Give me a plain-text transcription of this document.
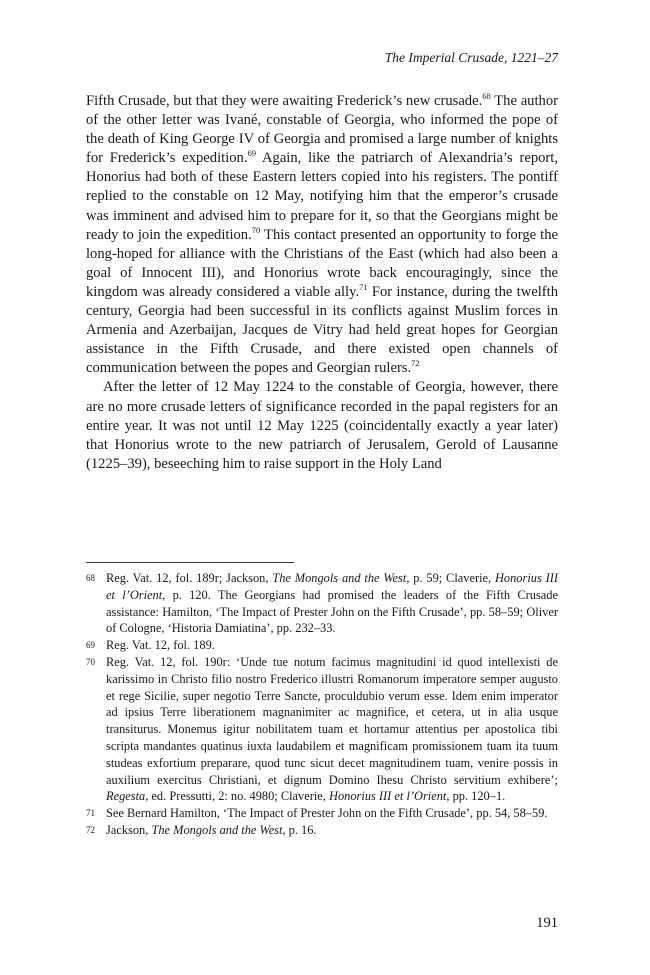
The Imperial Crusade, 1221–27

Fifth Crusade, but that they were awaiting Frederick’s new crusade.$^{68}$ The author of the other letter was Ivané, constable of Georgia, who informed the pope of the death of King George IV of Georgia and promised a large number of knights for Frederick’s expedition.$^{69}$ Again, like the patriarch of Alexandria’s report, Honorius had both of these Eastern letters copied into his registers. The pontiff replied to the constable on 12 May, notifying him that the emperor’s crusade was imminent and advised him to prepare for it, so that the Georgians might be ready to join the expedition.$^{70}$ This contact presented an opportunity to forge the long-hoped for alliance with the Christians of the East (which had also been a goal of Innocent III), and Honorius wrote back encouragingly, since the kingdom was already considered a viable ally.$^{71}$ For instance, during the twelfth century, Georgia had been successful in its conflicts against Muslim forces in Armenia and Azerbaijan, Jacques de Vitry had held great hopes for Georgian assistance in the Fifth Crusade, and there existed open channels of communication between the popes and Georgian rulers.$^{72}$

After the letter of 12 May 1224 to the constable of Georgia, however, there are no more crusade letters of significance recorded in the papal registers for an entire year. It was not until 12 May 1225 (coincidentally exactly a year later) that Honorius wrote to the new patriarch of Jerusalem, Gerold of Lausanne (1225–39), beseeching him to raise support in the Holy Land

68 Reg. Vat. 12, fol. 189r; Jackson, The Mongols and the West, p. 59; Claverie, Honorius III et l’Orient, p. 120. The Georgians had promised the leaders of the Fifth Crusade assistance: Hamilton, ‘The Impact of Prester John on the Fifth Crusade’, pp. 58–59; Oliver of Cologne, ‘Historia Damiatina’, pp. 232–33.

69 Reg. Vat. 12, fol. 189.

70 Reg. Vat. 12, fol. 190r: ‘Unde tue notum facimus magnitudini id quod intellexisti de karissimo in Christo filio nostro Frederico illustri Romanorum imperatore semper augusto et rege Sicilie, super negotio Terre Sancte, proculdubio verum esse. Idem enim imperator ad ipsius Terre liberationem magnanimiter ac magnifice, et cetera, ut in alia usque transiturus. Monemus igitur nobilitatem tuam et hortamur attentius per apostolica tibi scripta mandantes quatinus iuxta laudabilem et magnificam promissionem tuam ita tuum studeas exfortium preparare, quod tunc sicut decet magnitudinem tuam, venire possis in auxilium exercitus Christiani, et dignum Domino Ihesu Christo servitium exhibere’; Regesta, ed. Pressutti, 2: no. 4980; Claverie, Honorius III et l’Orient, pp. 120–1.

71 See Bernard Hamilton, ‘The Impact of Prester John on the Fifth Crusade’, pp. 54, 58–59.

72 Jackson, The Mongols and the West, p. 16.

191
